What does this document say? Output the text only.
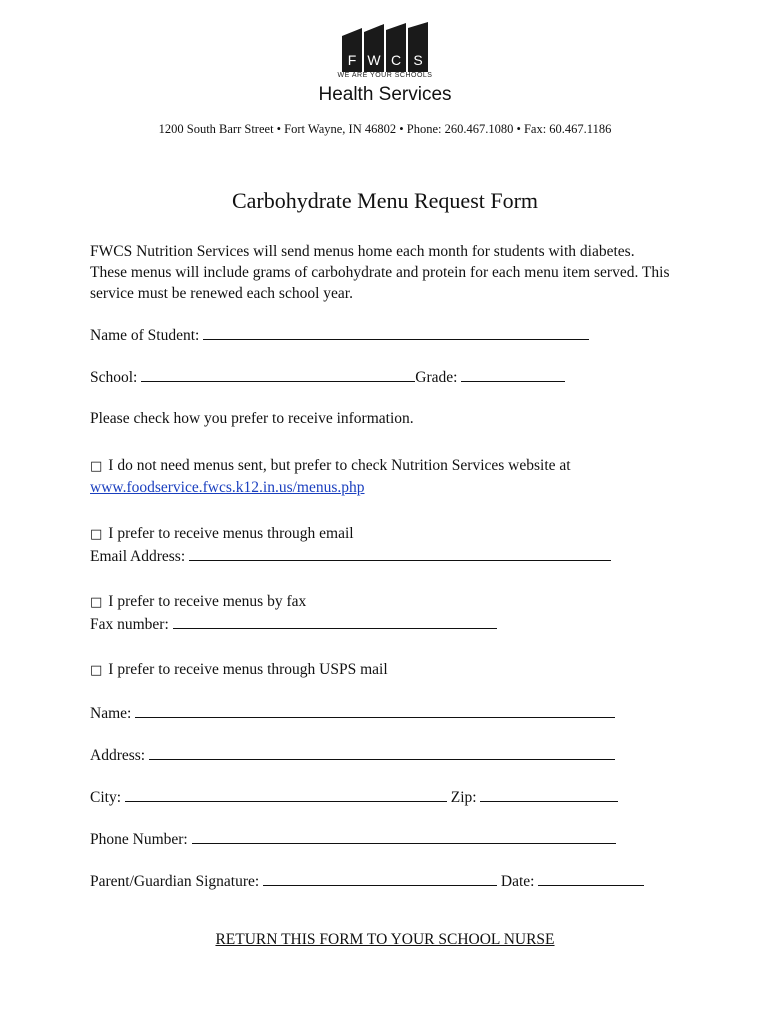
F W C S
WE ARE YOUR SCHOOLS
Health Services
1200 South Barr Street • Fort Wayne, IN 46802 • Phone: 260.467.1080 • Fax: 60.467.1186
Carbohydrate Menu Request Form
FWCS Nutrition Services will send menus home each month for students with diabetes. These menus will include grams of carbohydrate and protein for each menu item served. This service must be renewed each school year.
Name of Student:
School:	Grade:
Please check how you prefer to receive information.
□ I do not need menus sent, but prefer to check Nutrition Services website at
www.foodservice.fwcs.k12.in.us/menus.php
□ I prefer to receive menus through email
Email Address:
□ I prefer to receive menus by fax
Fax number:
□ I prefer to receive menus through USPS mail
Name:
Address:
City:	Zip:
Phone Number:
Parent/Guardian Signature:	Date:
RETURN THIS FORM TO YOUR SCHOOL NURSE
